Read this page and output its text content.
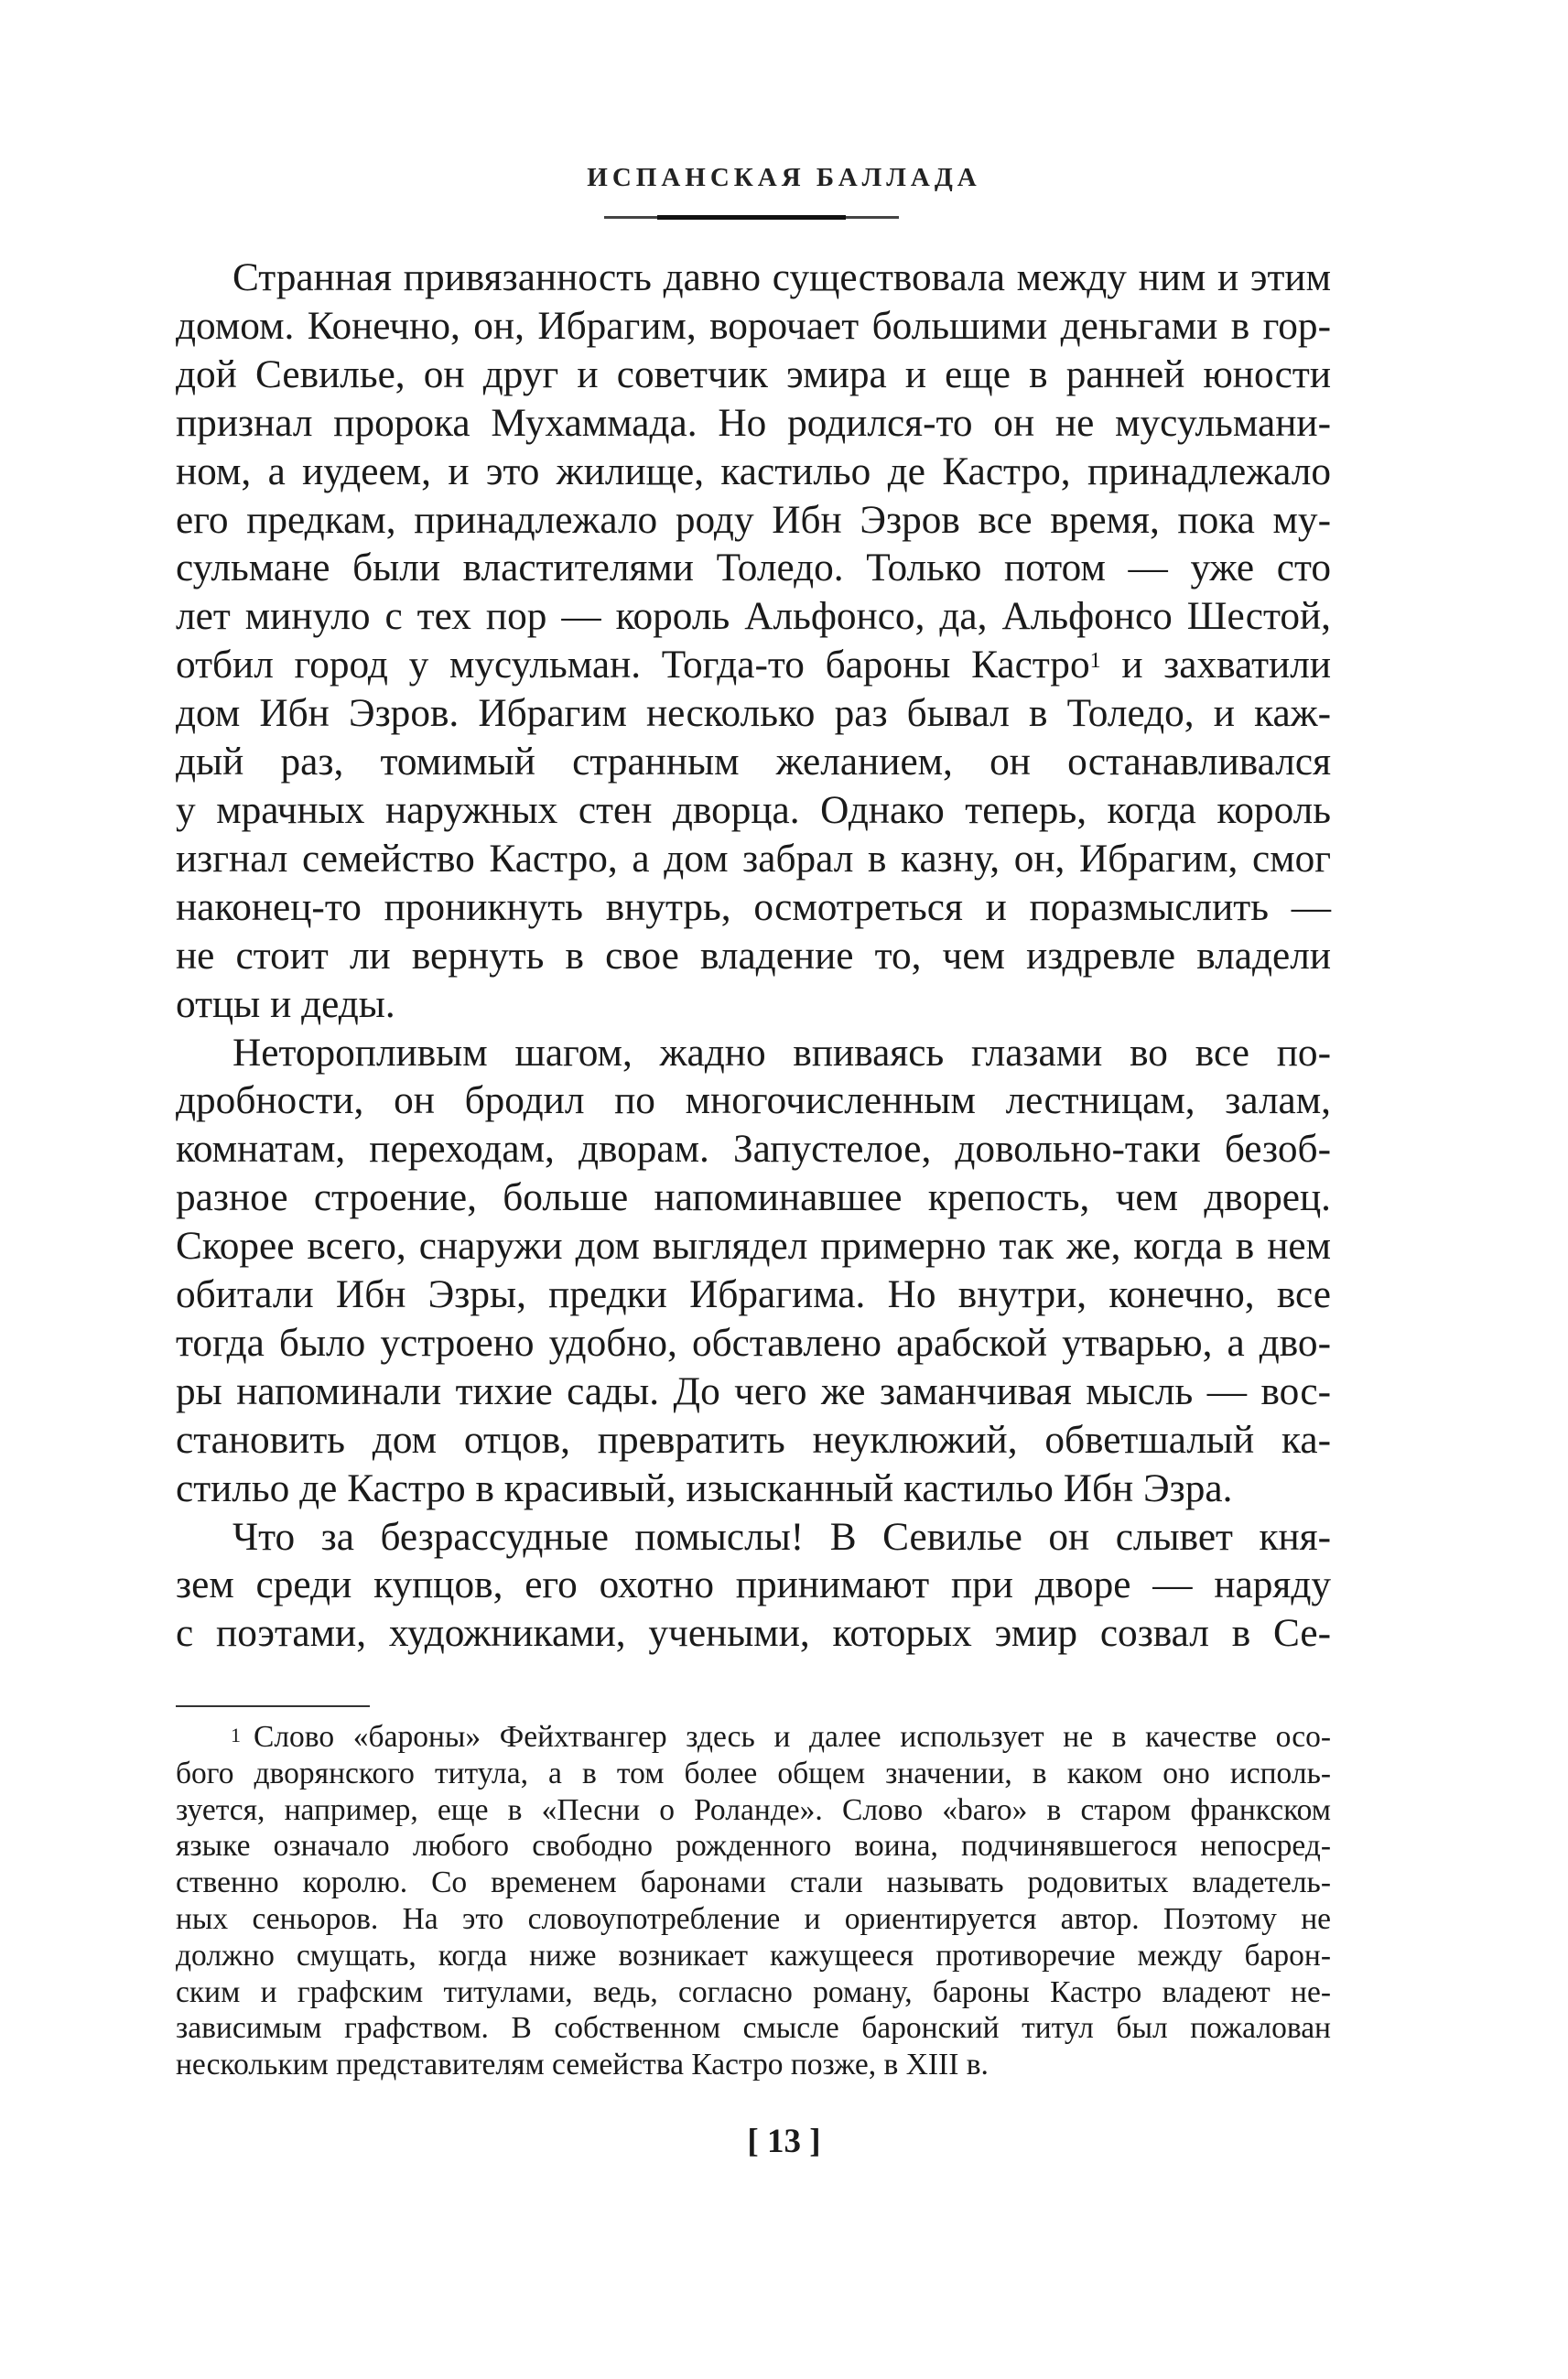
ИСПАНСКАЯ БАЛЛАДА
Странная привязанность давно существовала между ним и этим
домом. Конечно, он, Ибрагим, ворочает большими деньгами в гор-
дой Севилье, он друг и советчик эмира и еще в ранней юности
признал пророка Мухаммада. Но родился-то он не мусульмани-
ном, а иудеем, и это жилище, кастильо де Кастро, принадлежало
его предкам, принадлежало роду Ибн Эзров все время, пока му-
сульмане были властителями Толедо. Только потом — уже сто
лет минуло с тех пор — король Альфонсо, да, Альфонсо Шестой,
отбил город у мусульман. Тогда-то бароны Кастро$^1$ и захватили
дом Ибн Эзров. Ибрагим несколько раз бывал в Толедо, и каж-
дый раз, томимый странным желанием, он останавливался
у мрачных наружных стен дворца. Однако теперь, когда король
изгнал семейство Кастро, а дом забрал в казну, он, Ибрагим, смог
наконец-то проникнуть внутрь, осмотреться и поразмыслить —
не стоит ли вернуть в свое владение то, чем издревле владели
отцы и деды.
Неторопливым шагом, жадно впиваясь глазами во все по-
дробности, он бродил по многочисленным лестницам, залам,
комнатам, переходам, дворам. Запустелое, довольно-таки безоб-
разное строение, больше напоминавшее крепость, чем дворец.
Скорее всего, снаружи дом выглядел примерно так же, когда в нем
обитали Ибн Эзры, предки Ибрагима. Но внутри, конечно, все
тогда было устроено удобно, обставлено арабской утварью, а дво-
ры напоминали тихие сады. До чего же заманчивая мысль — вос-
становить дом отцов, превратить неуклюжий, обветшалый ка-
стильо де Кастро в красивый, изысканный кастильо Ибн Эзра.
Что за безрассудные помыслы! В Севилье он слывет кня-
зем среди купцов, его охотно принимают при дворе — наряду
с поэтами, художниками, учеными, которых эмир созвал в Се-
$^1$ Слово «бароны» Фейхтвангер здесь и далее использует не в качестве осо-
бого дворянского титула, а в том более общем значении, в каком оно исполь-
зуется, например, еще в «Песни о Роланде». Слово «baro» в старом франкском
языке означало любого свободно рожденного воина, подчинявшегося непосред-
ственно королю. Со временем баронами стали называть родовитых владетель-
ных сеньоров. На это словоупотребление и ориентируется автор. Поэтому не
должно смущать, когда ниже возникает кажущееся противоречие между барон-
ским и графским титулами, ведь, согласно роману, бароны Кастро владеют не-
зависимым графством. В собственном смысле баронский титул был пожалован
нескольким представителям семейства Кастро позже, в XIII в.
[ 13 ]
